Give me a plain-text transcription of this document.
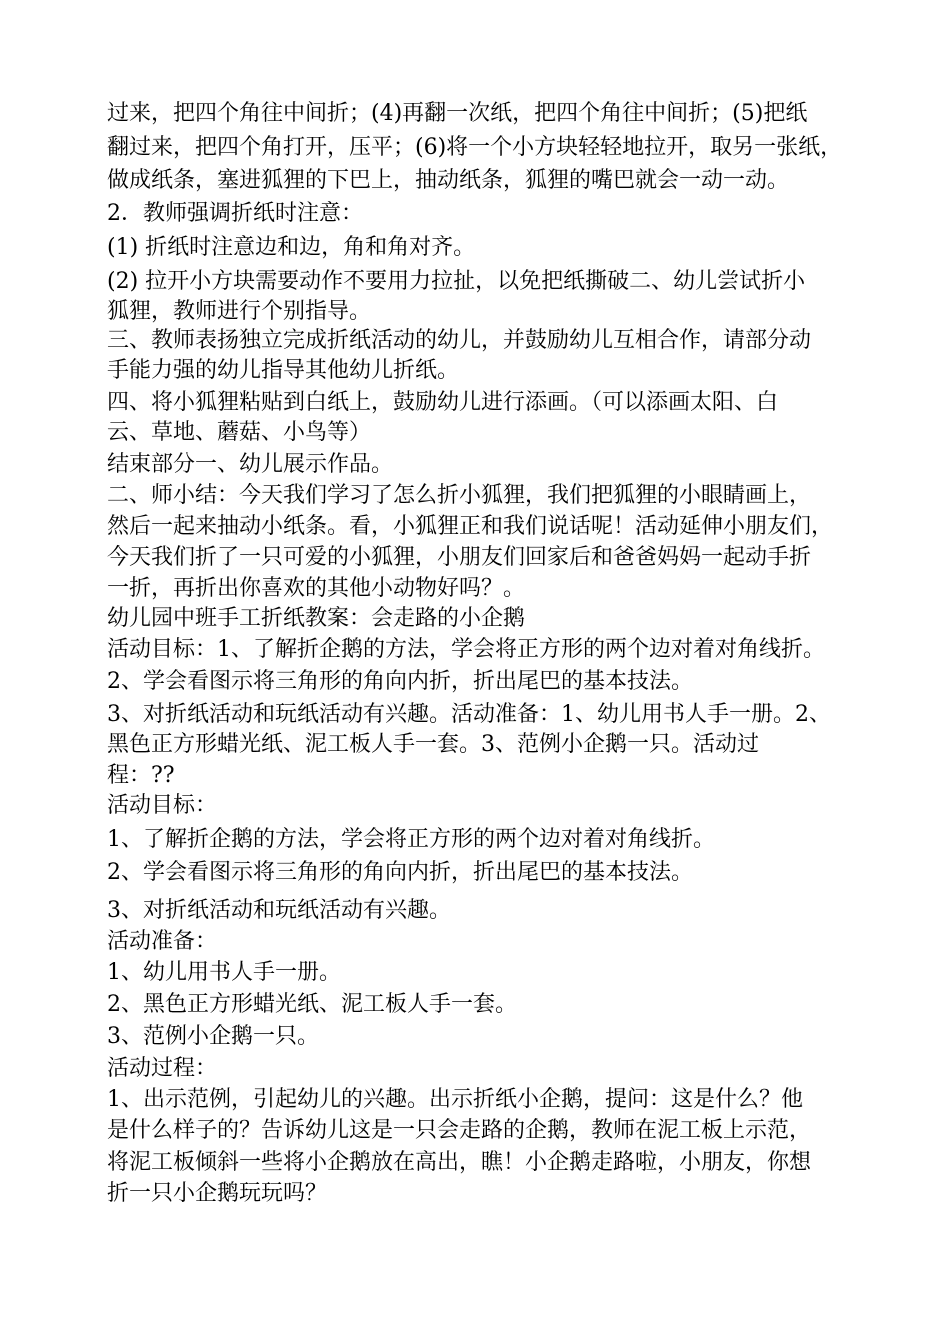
过来，把四个角往中间折；(4)再翻一次纸，把四个角往中间折；(5)把纸
翻过来，把四个角打开，压平；(6)将一个小方块轻轻地拉开，取另一张纸，
做成纸条，塞进狐狸的下巴上，抽动纸条，狐狸的嘴巴就会一动一动。
2．教师强调折纸时注意：
(1) 折纸时注意边和边，角和角对齐。
(2) 拉开小方块需要动作不要用力拉扯，以免把纸撕破二、幼儿尝试折小
狐狸，教师进行个别指导。
三、教师表扬独立完成折纸活动的幼儿，并鼓励幼儿互相合作，请部分动
手能力强的幼儿指导其他幼儿折纸。
四、将小狐狸粘贴到白纸上，鼓励幼儿进行添画。（可以添画太阳、白
云、草地、蘑菇、小鸟等）
结束部分一、幼儿展示作品。
二、师小结：今天我们学习了怎么折小狐狸，我们把狐狸的小眼睛画上，
然后一起来抽动小纸条。看，小狐狸正和我们说话呢！活动延伸小朋友们，
今天我们折了一只可爱的小狐狸，小朋友们回家后和爸爸妈妈一起动手折
一折，再折出你喜欢的其他小动物好吗？。
幼儿园中班手工折纸教案：会走路的小企鹅
活动目标：1、了解折企鹅的方法，学会将正方形的两个边对着对角线折。
2、学会看图示将三角形的角向内折，折出尾巴的基本技法。
3、对折纸活动和玩纸活动有兴趣。活动准备：1、幼儿用书人手一册。2、
黑色正方形蜡光纸、泥工板人手一套。3、范例小企鹅一只。活动过
程：??
活动目标：
1、了解折企鹅的方法，学会将正方形的两个边对着对角线折。
2、学会看图示将三角形的角向内折，折出尾巴的基本技法。
3、对折纸活动和玩纸活动有兴趣。
活动准备：
1、幼儿用书人手一册。
2、黑色正方形蜡光纸、泥工板人手一套。
3、范例小企鹅一只。
活动过程：
1、出示范例，引起幼儿的兴趣。出示折纸小企鹅，提问：这是什么？他
是什么样子的？告诉幼儿这是一只会走路的企鹅，教师在泥工板上示范，
将泥工板倾斜一些将小企鹅放在高出，瞧！小企鹅走路啦，小朋友，你想
折一只小企鹅玩玩吗？
